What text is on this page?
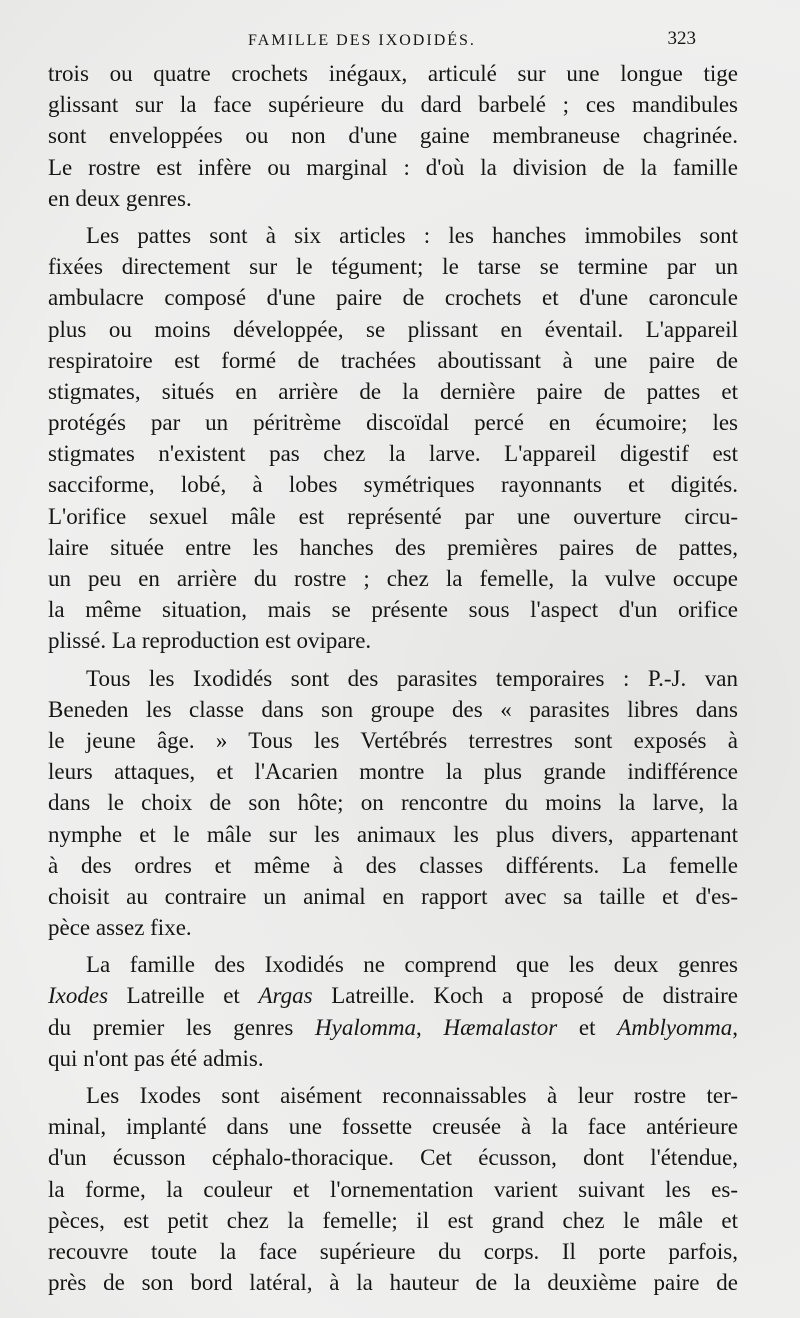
FAMILLE DES IXODIDÉS.	323
trois ou quatre crochets inégaux, articulé sur une longue tige
glissant sur la face supérieure du dard barbelé ; ces mandibules
sont enveloppées ou non d'une gaine membraneuse chagrinée.
Le rostre est infère ou marginal : d'où la division de la famille
en deux genres.
Les pattes sont à six articles : les hanches immobiles sont
fixées directement sur le tégument; le tarse se termine par un
ambulacre composé d'une paire de crochets et d'une caroncule
plus ou moins développée, se plissant en éventail. L'appareil
respiratoire est formé de trachées aboutissant à une paire de
stigmates, situés en arrière de la dernière paire de pattes et
protégés par un péritrème discoïdal percé en écumoire; les
stigmates n'existent pas chez la larve. L'appareil digestif est
sacciforme, lobé, à lobes symétriques rayonnants et digités.
L'orifice sexuel mâle est représenté par une ouverture circu-
laire située entre les hanches des premières paires de pattes,
un peu en arrière du rostre ; chez la femelle, la vulve occupe
la même situation, mais se présente sous l'aspect d'un orifice
plissé. La reproduction est ovipare.
Tous les Ixodidés sont des parasites temporaires : P.-J. van
Beneden les classe dans son groupe des « parasites libres dans
le jeune âge. » Tous les Vertébrés terrestres sont exposés à
leurs attaques, et l'Acarien montre la plus grande indifférence
dans le choix de son hôte; on rencontre du moins la larve, la
nymphe et le mâle sur les animaux les plus divers, appartenant
à des ordres et même à des classes différents. La femelle
choisit au contraire un animal en rapport avec sa taille et d'es-
pèce assez fixe.
La famille des Ixodidés ne comprend que les deux genres
Ixodes Latreille et Argas Latreille. Koch a proposé de distraire
du premier les genres Hyalomma, Hæmalastor et Amblyomma,
qui n'ont pas été admis.
Les Ixodes sont aisément reconnaissables à leur rostre ter-
minal, implanté dans une fossette creusée à la face antérieure
d'un écusson céphalo-thoracique. Cet écusson, dont l'étendue,
la forme, la couleur et l'ornementation varient suivant les es-
pèces, est petit chez la femelle; il est grand chez le mâle et
recouvre toute la face supérieure du corps. Il porte parfois,
près de son bord latéral, à la hauteur de la deuxième paire de
